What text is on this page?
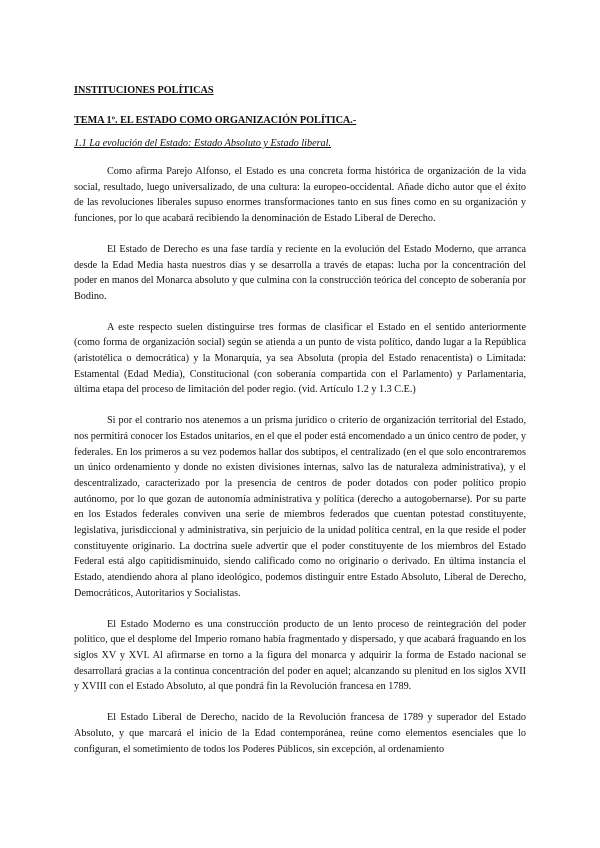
INSTITUCIONES POLÍTICAS

TEMA 1º. EL ESTADO COMO ORGANIZACIÓN POLÍTICA.-

1.1 La evolución del Estado: Estado Absoluto y Estado liberal.

Como afirma Parejo Alfonso, el Estado es una concreta forma histórica de organización de la vida social, resultado, luego universalizado, de una cultura: la europeo-occidental. Añade dicho autor que el éxito de las revoluciones liberales supuso enormes transformaciones tanto en sus fines como en su organización y funciones, por lo que acabará recibiendo la denominación de Estado Liberal de Derecho.

El Estado de Derecho es una fase tardía y reciente en la evolución del Estado Moderno, que arranca desde la Edad Media hasta nuestros días y se desarrolla a través de etapas: lucha por la concentración del poder en manos del Monarca absoluto y que culmina con la construcción teórica del concepto de soberanía por Bodino.

A este respecto suelen distinguirse tres formas de clasificar el Estado en el sentido anteriormente (como forma de organización social) según se atienda a un punto de vista político, dando lugar a la República (aristotélica o democrática) y la Monarquía, ya sea Absoluta (propia del Estado renacentista) o Limitada: Estamental (Edad Media), Constitucional (con soberanía compartida con el Parlamento) y Parlamentaria, última etapa del proceso de limitación del poder regio. (vid. Artículo 1.2 y 1.3 C.E.)

Si por el contrario nos atenemos a un prisma jurídico o criterio de organización territorial del Estado, nos permitirá conocer los Estados unitarios, en el que el poder está encomendado a un único centro de poder, y federales. En los primeros a su vez podemos hallar dos subtipos, el centralizado (en el que solo encontraremos un único ordenamiento y donde no existen divisiones internas, salvo las de naturaleza administrativa), y el descentralizado, caracterizado por la presencia de centros de poder dotados con poder político propio autónomo, por lo que gozan de autonomía administrativa y política (derecho a autogobernarse). Por su parte en los Estados federales conviven una serie de miembros federados que cuentan potestad constituyente, legislativa, jurisdiccional y administrativa, sin perjuicio de la unidad política central, en la que reside el poder constituyente originario. La doctrina suele advertir que el poder constituyente de los miembros del Estado Federal está algo capitidisminuido, siendo calificado como no originario o derivado. En última instancia el Estado, atendiendo ahora al plano ideológico, podemos distinguir entre Estado Absoluto, Liberal de Derecho, Democráticos, Autoritarios y Socialistas.

El Estado Moderno es una construcción producto de un lento proceso de reintegración del poder político, que el desplome del Imperio romano había fragmentado y dispersado, y que acabará fraguando en los siglos XV y XVI. Al afirmarse en torno a la figura del monarca y adquirir la forma de Estado nacional se desarrollará gracias a la continua concentración del poder en aquel; alcanzando su plenitud en los siglos XVII y XVIII con el Estado Absoluto, al que pondrá fin la Revolución francesa en 1789.

El Estado Liberal de Derecho, nacido de la Revolución francesa de 1789 y superador del Estado Absoluto, y que marcará el inicio de la Edad contemporánea, reúne como elementos esenciales que lo configuran, el sometimiento de todos los Poderes Públicos, sin excepción, al ordenamiento
